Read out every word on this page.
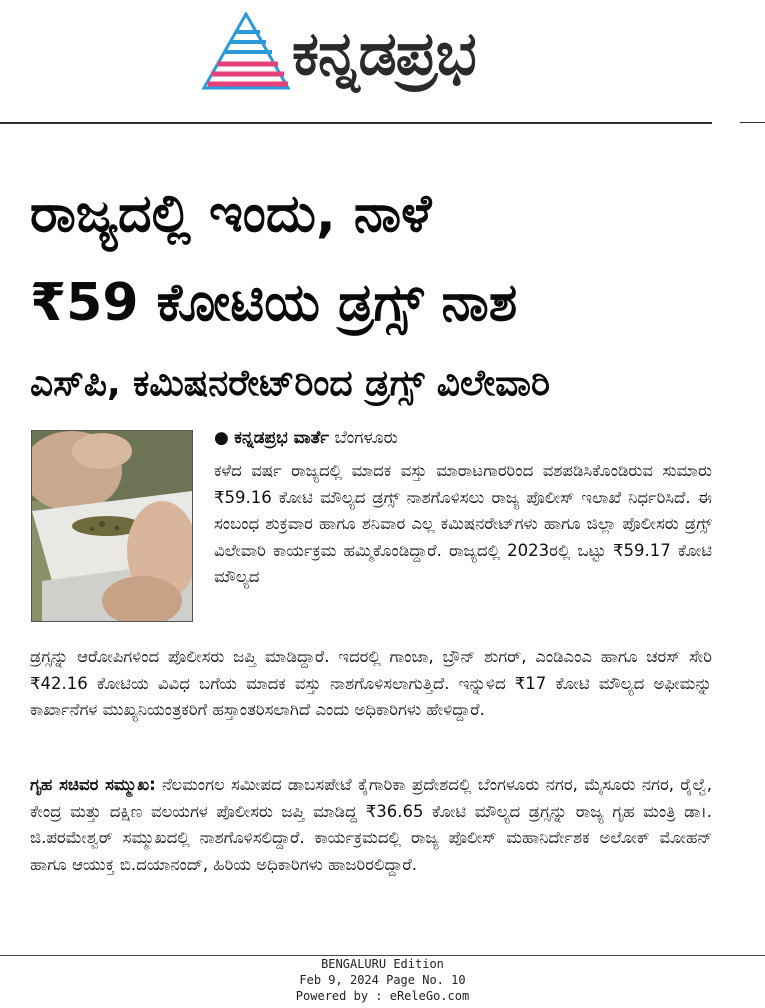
ಕನ್ನಡಪ್ರಭ
ರಾಜ್ಯದಲ್ಲಿ ಇಂದು, ನಾಳೆ
₹59 ಕೋಟಿಯ ಡ್ರಗ್ಸ್‌ ನಾಶ
ಎಸ್‌ಪಿ, ಕಮಿಷನರೇಟ್‌ರಿಂದ ಡ್ರಗ್ಸ್‌ ವಿಲೇವಾರಿ
● ಕನ್ನಡಪ್ರಭ ವಾರ್ತೆ ಬೆಂಗಳೂರು
ಕಳೆದ ವರ್ಷ ರಾಜ್ಯದಲ್ಲಿ ಮಾದಕ ವಸ್ತು ಮಾರಾಟಗಾರರಿಂದ ವಶಪಡಿಸಿಕೊಂಡಿರುವ ಸುಮಾರು ₹59.16 ಕೋಟಿ ಮೌಲ್ಯದ ಡ್ರಗ್ಸ್‌ ನಾಶಗೊಳಿಸಲು ರಾಜ್ಯ ಪೊಲೀಸ್ ಇಲಾಖೆ ನಿರ್ಧರಿಸಿದೆ. ಈ ಸಂಬಂಧ ಶುಕ್ರವಾರ ಹಾಗೂ ಶನಿವಾರ ಎಲ್ಲ ಕಮಿಷನರೇಟ್‌ಗಳು ಹಾಗೂ ಜಿಲ್ಲಾ ಪೊಲೀಸರು ಡ್ರಗ್ಸ್ ವಿಲೇವಾರಿ ಕಾರ್ಯಕ್ರಮ ಹಮ್ಮಿಕೊಂಡಿದ್ದಾರೆ. ರಾಜ್ಯದಲ್ಲಿ 2023ರಲ್ಲಿ ಒಟ್ಟು ₹59.17 ಕೋಟಿ ಮೌಲ್ಯದ
ಡ್ರಗ್ಸನ್ನು ಆರೋಪಿಗಳಿಂದ ಪೊಲೀಸರು ಜಪ್ತಿ ಮಾಡಿದ್ದಾರೆ. ಇದರಲ್ಲಿ ಗಾಂಜಾ, ಬ್ರೌನ್ ಶುಗರ್, ಎಂಡಿಎಂಎ ಹಾಗೂ ಚರಸ್ ಸೇರಿ ₹42.16 ಕೋಟಿಯ ವಿವಿಧ ಬಗೆಯ ಮಾದಕ ವಸ್ತು ನಾಶಗೊಳಿಸಲಾಗುತ್ತಿದೆ. ಇನ್ನುಳಿದ ₹17 ಕೋಟಿ ಮೌಲ್ಯದ ಅಫೀಮನ್ನು ಕಾರ್ಖಾನೆಗಳ ಮುಖ್ಯನಿಯಂತ್ರಕರಿಗೆ ಹಸ್ತಾಂತರಿಸಲಾಗಿದೆ ಎಂದು ಅಧಿಕಾರಿಗಳು ಹೇಳಿದ್ದಾರೆ.
ಗೃಹ ಸಚಿವರ ಸಮ್ಮುಖ: ನೆಲಮಂಗಲ ಸಮೀಪದ ಡಾಬಸಪೇಟೆ ಕೈಗಾರಿಕಾ ಪ್ರದೇಶದಲ್ಲಿ ಬೆಂಗಳೂರು ನಗರ, ಮೈಸೂರು ನಗರ, ರೈಲ್ವೆ, ಕೇಂದ್ರ ಮತ್ತು ದಕ್ಷಿಣ ವಲಯಗಳ ಪೊಲೀಸರು ಜಪ್ತಿ ಮಾಡಿದ್ದ ₹36.65 ಕೋಟಿ ಮೌಲ್ಯದ ಡ್ರಗ್ಸನ್ನು ರಾಜ್ಯ ಗೃಹ ಮಂತ್ರಿ ಡಾ।. ಜಿ.ಪರಮೇಶ್ವರ್ ಸಮ್ಮುಖದಲ್ಲಿ ನಾಶಗೊಳಿಸಲಿದ್ದಾರೆ. ಕಾರ್ಯಕ್ರಮದಲ್ಲಿ ರಾಜ್ಯ ಪೊಲೀಸ್ ಮಹಾನಿರ್ದೇಶಕ ಅಲೋಕ್ ಮೋಹನ್ ಹಾಗೂ ಆಯುಕ್ತ ಬಿ.ದಯಾನಂದ್, ಹಿರಿಯ ಅಧಿಕಾರಿಗಳು ಹಾಜರಿರಲಿದ್ದಾರೆ.
BENGALURU Edition
Feb 9, 2024 Page No. 10
Powered by : eReleGo.com
